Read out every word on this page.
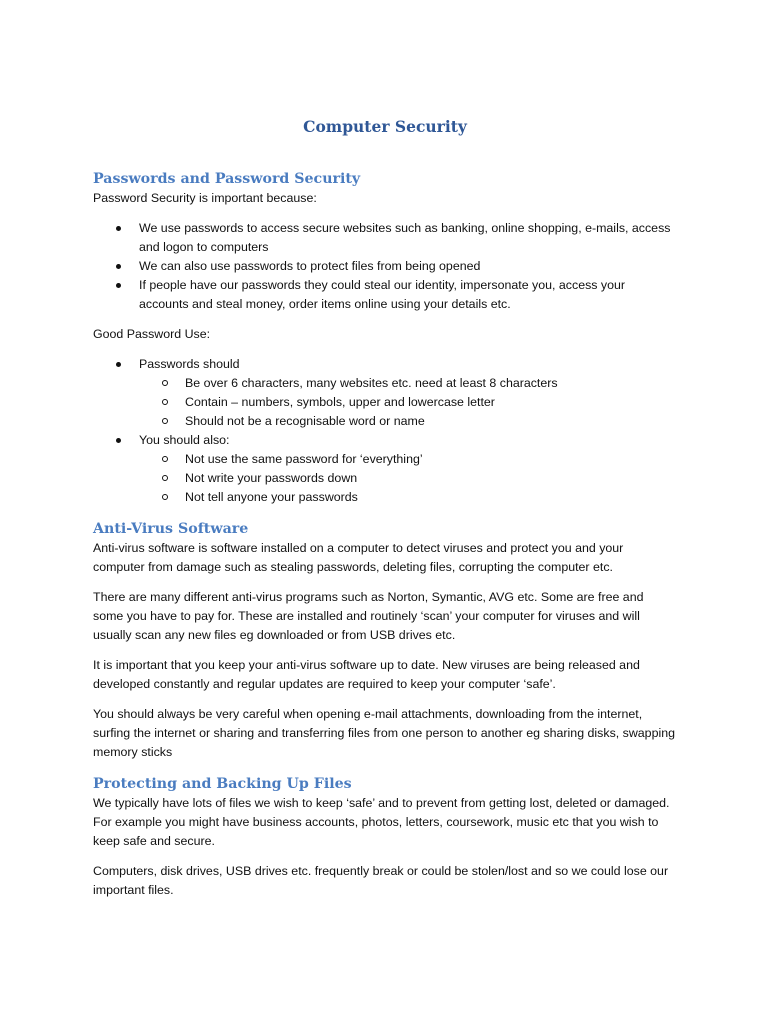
Computer Security
Passwords and Password Security

Password Security is important because:

We use passwords to access secure websites such as banking, online shopping, e-mails, access and logon to computers
We can also use passwords to protect files from being opened
If people have our passwords they could steal our identity, impersonate you, access your accounts and steal money, order items online using your details etc.

Good Password Use:

Passwords should
Be over 6 characters, many websites etc. need at least 8 characters
Contain – numbers, symbols, upper and lowercase letter
Should not be a recognisable word or name
You should also:
Not use the same password for ‘everything’
Not write your passwords down
Not tell anyone your passwords
Anti-Virus Software

Anti-virus software is software installed on a computer to detect viruses and protect you and your computer from damage such as stealing passwords, deleting files, corrupting the computer etc.

There are many different anti-virus programs such as Norton, Symantic, AVG etc. Some are free and some you have to pay for. These are installed and routinely ‘scan’ your computer for viruses and will usually scan any new files eg downloaded or from USB drives etc.

It is important that you keep your anti-virus software up to date. New viruses are being released and developed constantly and regular updates are required to keep your computer ‘safe’.

You should always be very careful when opening e-mail attachments, downloading from the internet, surfing the internet or sharing and transferring files from one person to another eg sharing disks, swapping memory sticks

Protecting and Backing Up Files

We typically have lots of files we wish to keep ‘safe’ and to prevent from getting lost, deleted or damaged. For example you might have business accounts, photos, letters, coursework, music etc that you wish to keep safe and secure.

Computers, disk drives, USB drives etc. frequently break or could be stolen/lost and so we could lose our important files.
